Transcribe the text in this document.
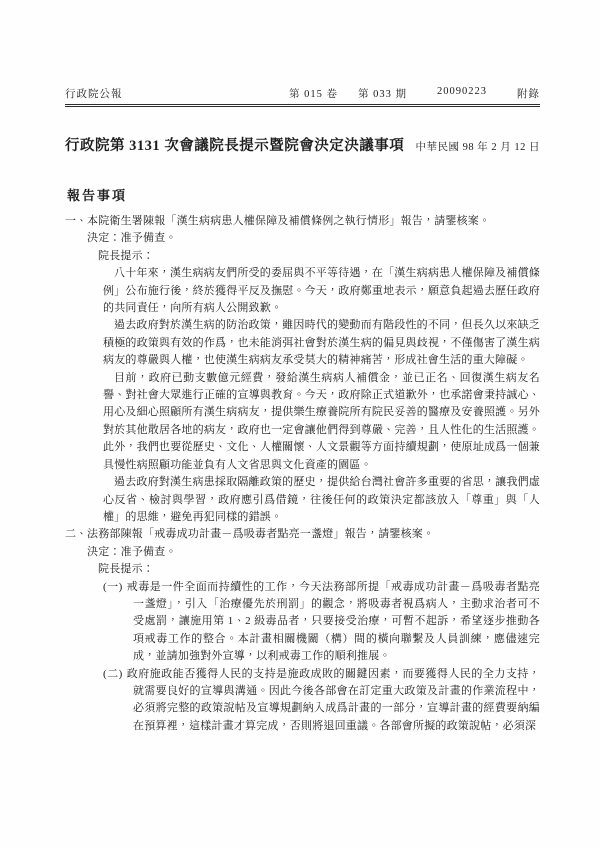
行政院公報	第 015 卷 第 033 期	20090223	附錄
行政院第 3131 次會議院長提示暨院會決定決議事項 中華民國 98 年 2 月 12 日
報告事項
一、本院衛生署陳報「漢生病病患人權保障及補償條例之執行情形」報告，請鑒核案。
決定：准予備查。
院長提示：
八十年來，漢生病病友們所受的委屈與不平等待遇，在「漢生病病患人權保障及補償條例」公布施行後，終於獲得平反及撫慰。今天，政府鄭重地表示，願意負起過去歷任政府的共同責任，向所有病人公開致歉。
過去政府對於漢生病的防治政策，雖因時代的變動而有階段性的不同，但長久以來缺乏積極的政策與有效的作爲，也未能消弭社會對於漢生病的偏見與歧視，不僅傷害了漢生病病友的尊嚴與人權，也使漢生病病友承受莫大的精神痛苦，形成社會生活的重大障礙。
目前，政府已動支數億元經費，發給漢生病病人補償金，並已正名、回復漢生病友名譽、對社會大眾進行正確的宣導與教育。今天，政府除正式道歉外，也承諾會秉持誠心、用心及細心照顧所有漢生病病友，提供樂生療養院所有院民妥善的醫療及安養照護。另外對於其他散居各地的病友，政府也一定會讓他們得到尊嚴、完善，且人性化的生活照護。此外，我們也要從歷史、文化、人權關懷、人文景觀等方面持續規劃，使原址成爲一個兼具慢性病照顧功能並負有人文省思與文化資產的園區。
過去政府對漢生病患採取隔離政策的歷史，提供給台灣社會許多重要的省思，讓我們虛心反省、檢討與學習，政府應引爲借鏡，往後任何的政策決定都該放入「尊重」與「人權」的思維，避免再犯同樣的錯誤。
二、法務部陳報「戒毒成功計畫－爲吸毒者點亮一盞燈」報告，請鑒核案。
決定：准予備查。
院長提示：
(一) 戒毒是一件全面而持續性的工作，今天法務部所提「戒毒成功計畫－爲吸毒者點亮一盞燈」，引入「治療優先於刑罰」的觀念，將吸毒者視爲病人，主動求治者可不受處罰，讓施用第 1、2 級毒品者，只要接受治療，可暫不起訴，希望逐步推動各項戒毒工作的整合。本計畫相關機關（構）間的橫向聯繫及人員訓練，應儘速完成，並請加強對外宣導，以利戒毒工作的順利推展。
(二) 政府施政能否獲得人民的支持是施政成敗的關鍵因素，而要獲得人民的全力支持，就需要良好的宣導與溝通。因此今後各部會在訂定重大政策及計畫的作業流程中，必須將完整的政策說帖及宣導規劃納入成爲計畫的一部分，宣導計畫的經費要納編在預算裡，這樣計畫才算完成，否則將退回重議。各部會所擬的政策說帖，必須深
